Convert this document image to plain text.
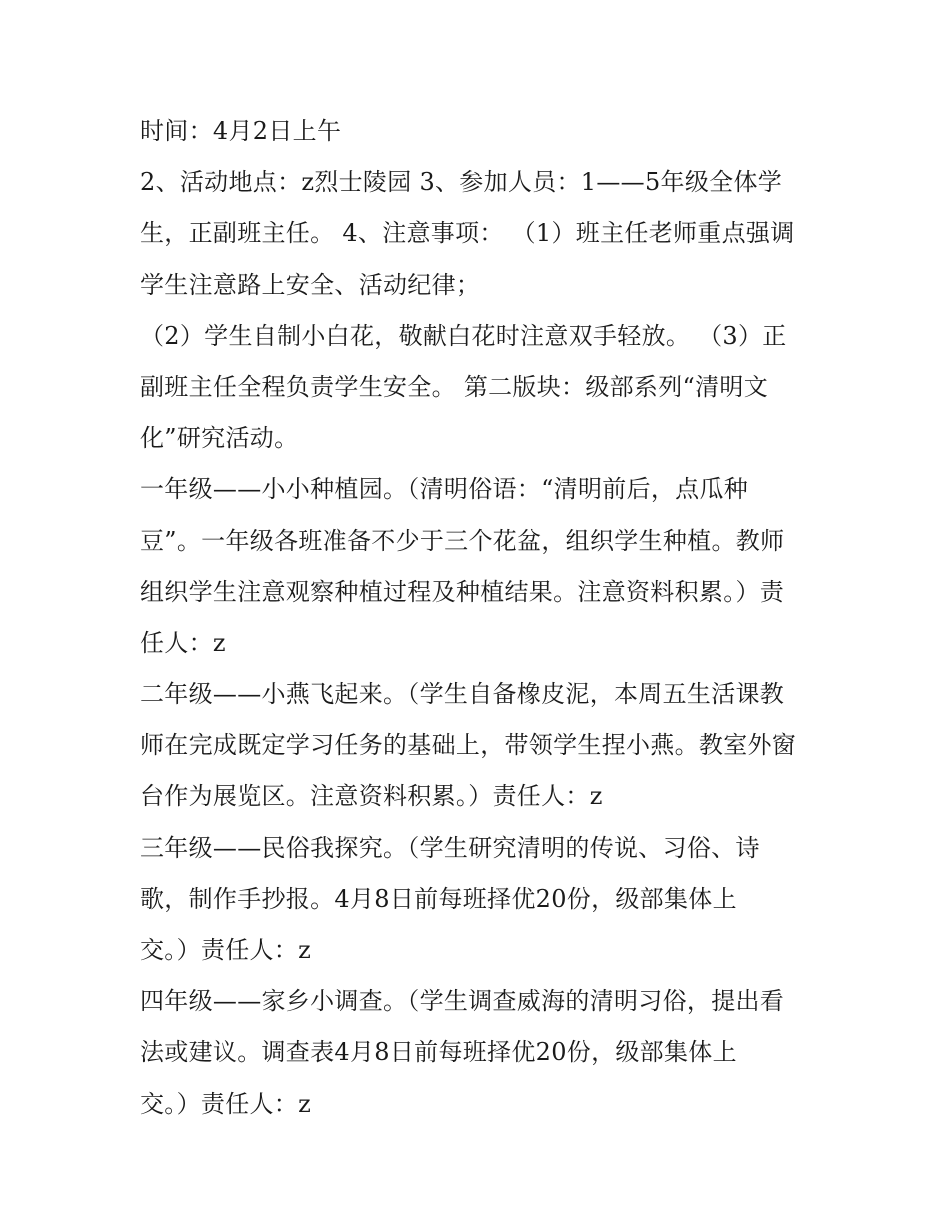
时间：4月2日上午
2、活动地点：z烈士陵园 3、参加人员：1——5年级全体学
生，正副班主任。 4、注意事项： （1）班主任老师重点强调
学生注意路上安全、活动纪律；
（2）学生自制小白花，敬献白花时注意双手轻放。 （3）正
副班主任全程负责学生安全。 第二版块：级部系列“清明文
化”研究活动。
一年级——小小种植园。（清明俗语：“清明前后，点瓜种
豆”。一年级各班准备不少于三个花盆，组织学生种植。教师
组织学生注意观察种植过程及种植结果。注意资料积累。）责
任人：z
二年级——小燕飞起来。（学生自备橡皮泥，本周五生活课教
师在完成既定学习任务的基础上，带领学生捏小燕。教室外窗
台作为展览区。注意资料积累。）责任人：z
三年级——民俗我探究。（学生研究清明的传说、习俗、诗
歌，制作手抄报。4月8日前每班择优20份，级部集体上
交。）责任人：z
四年级——家乡小调查。（学生调查威海的清明习俗，提出看
法或建议。调查表4月8日前每班择优20份，级部集体上
交。）责任人：z
